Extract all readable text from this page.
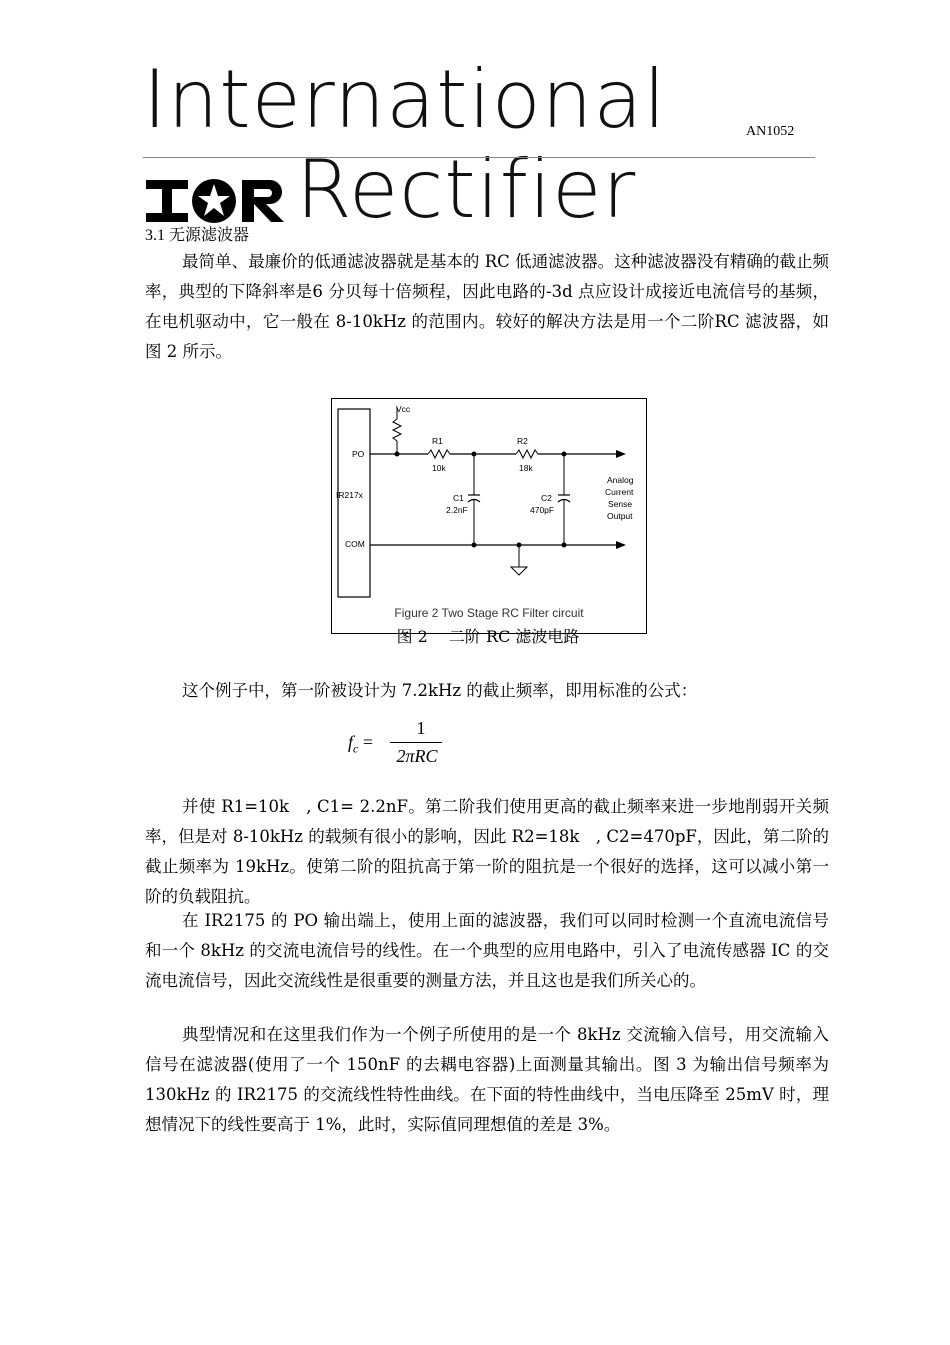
International
Rectifier
AN1052
3.1 无源滤波器

最简单、最廉价的低通滤波器就是基本的 RC 低通滤波器。这种滤波器没有精确的截止频率，典型的下降斜率是6 分贝每十倍频程，因此电路的-3d 点应设计成接近电流信号的基频，在电机驱动中，它一般在 8-10kHz 的范围内。较好的解决方法是用一个二阶RC 滤波器，如图 2 所示。

PO
IR217x
COM
Vcc
R1
10k
R2
18k
C1
2.2nF
C2
470pF
Analog
Current
Sense
Output
Figure 2 Two Stage RC Filter circuit
图 2　 二阶 RC 滤波电路

这个例子中，第一阶被设计为 7.2kHz 的截止频率，即用标准的公式：

$f_c$ =
1
2πRC

并使 R1=10k　, C1= 2.2nF。第二阶我们使用更高的截止频率来进一步地削弱开关频率，但是对 8-10kHz 的载频有很小的影响，因此 R2=18k　, C2=470pF，因此，第二阶的截止频率为 19kHz。使第二阶的阻抗高于第一阶的阻抗是一个很好的选择，这可以减小第一阶的负载阻抗。

在 IR2175 的 PO 输出端上，使用上面的滤波器，我们可以同时检测一个直流电流信号和一个 8kHz 的交流电流信号的线性。在一个典型的应用电路中，引入了电流传感器 IC 的交流电流信号，因此交流线性是很重要的测量方法，并且这也是我们所关心的。

典型情况和在这里我们作为一个例子所使用的是一个 8kHz 交流输入信号，用交流输入信号在滤波器(使用了一个 150nF 的去耦电容器)上面测量其输出。图 3 为输出信号频率为 130kHz 的 IR2175 的交流线性特性曲线。在下面的特性曲线中，当电压降至 25mV 时，理想情况下的线性要高于 1%，此时，实际值同理想值的差是 3%。
